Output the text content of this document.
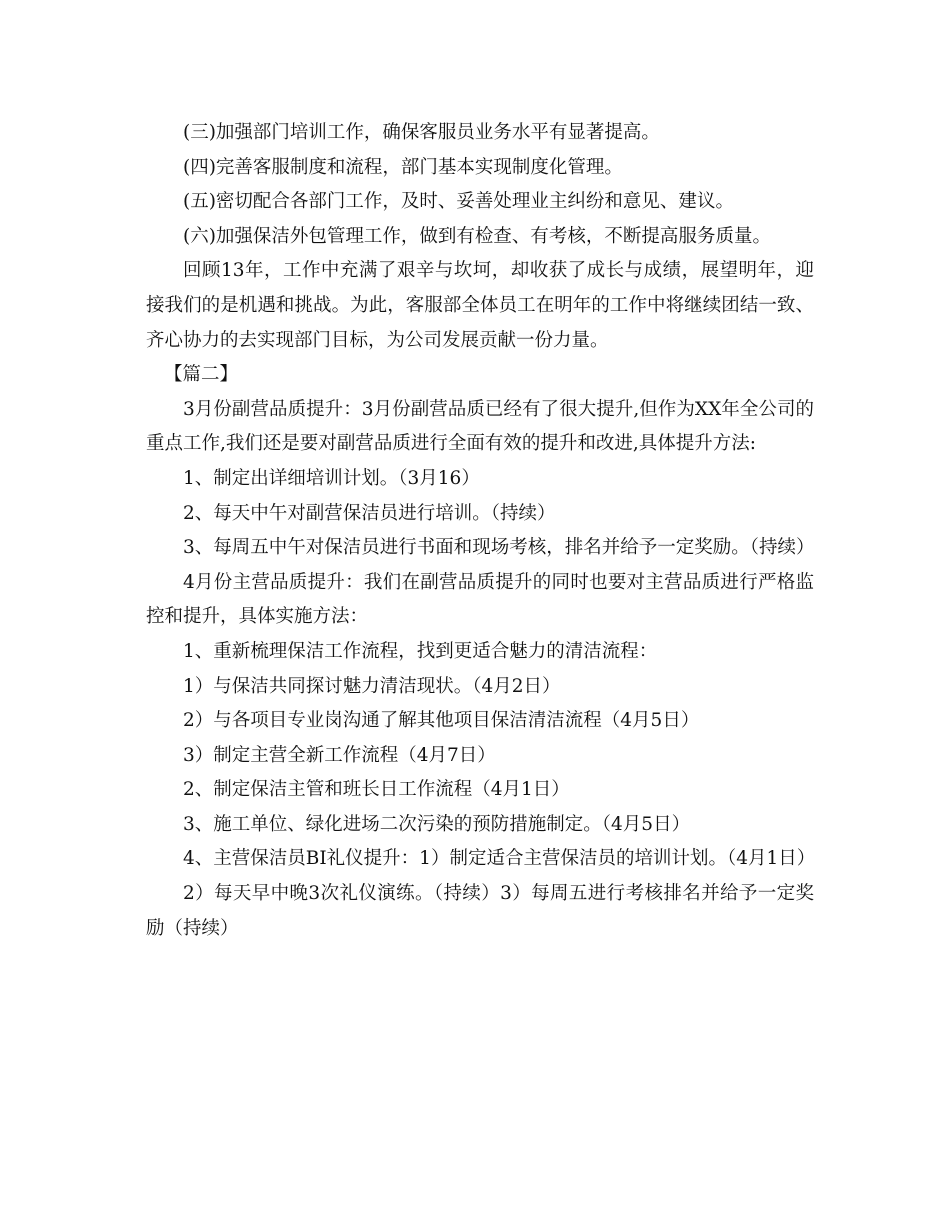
(三)加强部门培训工作，确保客服员业务水平有显著提高。

(四)完善客服制度和流程，部门基本实现制度化管理。

(五)密切配合各部门工作，及时、妥善处理业主纠纷和意见、建议。

(六)加强保洁外包管理工作，做到有检查、有考核，不断提高服务质量。

回顾13年，工作中充满了艰辛与坎坷，却收获了成长与成绩，展望明年，迎接我们的是机遇和挑战。为此，客服部全体员工在明年的工作中将继续团结一致、齐心协力的去实现部门目标，为公司发展贡献一份力量。

【篇二】

3月份副营品质提升：3月份副营品质已经有了很大提升,但作为XX年全公司的重点工作,我们还是要对副营品质进行全面有效的提升和改进,具体提升方法:

1、制定出详细培训计划。（3月16）

2、每天中午对副营保洁员进行培训。（持续）

3、每周五中午对保洁员进行书面和现场考核，排名并给予一定奖励。（持续）

4月份主营品质提升：我们在副营品质提升的同时也要对主营品质进行严格监控和提升，具体实施方法：

1、重新梳理保洁工作流程，找到更适合魅力的清洁流程：

1）与保洁共同探讨魅力清洁现状。（4月2日）

2）与各项目专业岗沟通了解其他项目保洁清洁流程（4月5日）

3）制定主营全新工作流程（4月7日）

2、制定保洁主管和班长日工作流程（4月1日）

3、施工单位、绿化进场二次污染的预防措施制定。（4月5日）

4、主营保洁员BI礼仪提升：1）制定适合主营保洁员的培训计划。（4月1日）

2）每天早中晚3次礼仪演练。（持续）3）每周五进行考核排名并给予一定奖励（持续）
